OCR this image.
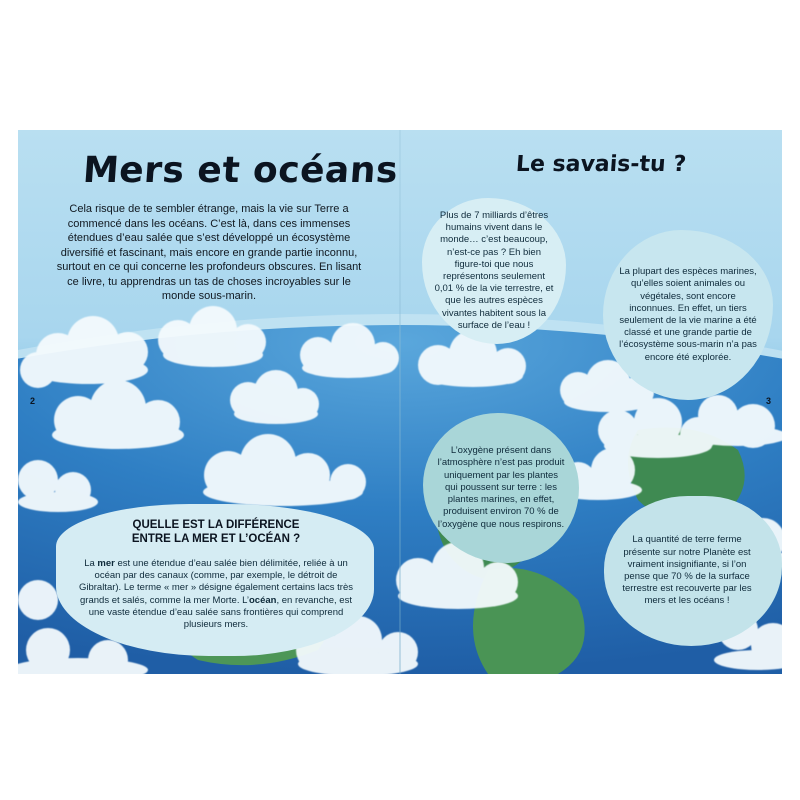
Mers et océans

Cela risque de te sembler étrange, mais la vie sur Terre a commencé dans les océans. C’est là, dans ces immenses étendues d’eau salée que s’est développé un écosystème diversifié et fascinant, mais encore en grande partie inconnu, surtout en ce qui concerne les profondeurs obscures. En lisant ce livre, tu apprendras un tas de choses incroyables sur le monde sous-marin.

QUELLE EST LA DIFFÉRENCE
ENTRE LA MER ET L’OCÉAN ?

La mer est une étendue d’eau salée bien délimitée, reliée à un océan par des canaux (comme, par exemple, le détroit de Gibraltar). Le terme « mer » désigne également certains lacs très grands et salés, comme la mer Morte. L’océan, en revanche, est une vaste étendue d’eau salée sans frontières qui comprend plusieurs mers.

2
Le savais-tu ?

Plus de 7 milliards d’êtres humains vivent dans le monde… c’est beaucoup, n’est-ce pas ? Eh bien figure-toi que nous représentons seulement 0,01 % de la vie terrestre, et que les autres espèces vivantes habitent sous la surface de l’eau !

La plupart des espèces marines, qu’elles soient animales ou végétales, sont encore inconnues. En effet, un tiers seulement de la vie marine a été classé et une grande partie de l’écosystème sous-marin n’a pas encore été explorée.

L’oxygène présent dans l’atmosphère n’est pas produit uniquement par les plantes qui poussent sur terre : les plantes marines, en effet, produisent environ 70 % de l’oxygène que nous respirons.

La quantité de terre ferme présente sur notre Planète est vraiment insignifiante, si l’on pense que 70 % de la surface terrestre est recouverte par les mers et les océans !

3
